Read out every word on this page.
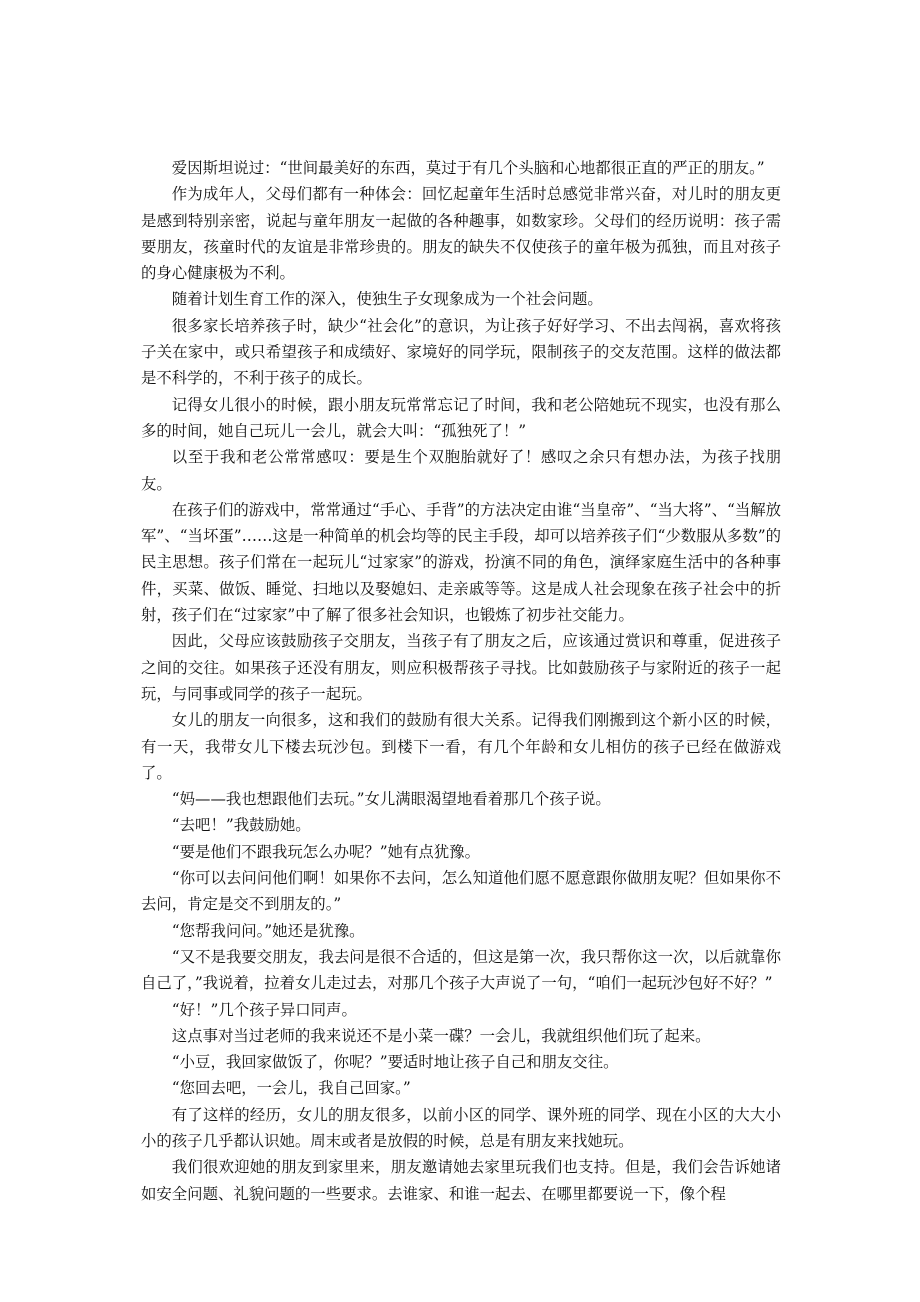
爱因斯坦说过：“世间最美好的东西，莫过于有几个头脑和心地都很正直的严正的朋友。”

作为成年人，父母们都有一种体会：回忆起童年生活时总感觉非常兴奋，对儿时的朋友更是感到特别亲密，说起与童年朋友一起做的各种趣事，如数家珍。父母们的经历说明：孩子需要朋友，孩童时代的友谊是非常珍贵的。朋友的缺失不仅使孩子的童年极为孤独，而且对孩子的身心健康极为不利。

随着计划生育工作的深入，使独生子女现象成为一个社会问题。

很多家长培养孩子时，缺少“社会化”的意识，为让孩子好好学习、不出去闯祸，喜欢将孩子关在家中，或只希望孩子和成绩好、家境好的同学玩，限制孩子的交友范围。这样的做法都是不科学的，不利于孩子的成长。

记得女儿很小的时候，跟小朋友玩常常忘记了时间，我和老公陪她玩不现实，也没有那么多的时间，她自己玩儿一会儿，就会大叫：“孤独死了！”

以至于我和老公常常感叹：要是生个双胞胎就好了！感叹之余只有想办法，为孩子找朋友。

在孩子们的游戏中，常常通过“手心、手背”的方法决定由谁“当皇帝”、“当大将”、“当解放军”、“当坏蛋”……这是一种简单的机会均等的民主手段，却可以培养孩子们“少数服从多数”的民主思想。孩子们常在一起玩儿“过家家”的游戏，扮演不同的角色，演绎家庭生活中的各种事件，买菜、做饭、睡觉、扫地以及娶媳妇、走亲戚等等。这是成人社会现象在孩子社会中的折射，孩子们在“过家家”中了解了很多社会知识，也锻炼了初步社交能力。

因此，父母应该鼓励孩子交朋友，当孩子有了朋友之后，应该通过赏识和尊重，促进孩子之间的交往。如果孩子还没有朋友，则应积极帮孩子寻找。比如鼓励孩子与家附近的孩子一起玩，与同事或同学的孩子一起玩。

女儿的朋友一向很多，这和我们的鼓励有很大关系。记得我们刚搬到这个新小区的时候，有一天，我带女儿下楼去玩沙包。到楼下一看，有几个年龄和女儿相仿的孩子已经在做游戏了。

“妈——我也想跟他们去玩。”女儿满眼渴望地看着那几个孩子说。

“去吧！”我鼓励她。

“要是他们不跟我玩怎么办呢？”她有点犹豫。

“你可以去问问他们啊！如果你不去问，怎么知道他们愿不愿意跟你做朋友呢？但如果你不去问，肯定是交不到朋友的。”

“您帮我问问。”她还是犹豫。

“又不是我要交朋友，我去问是很不合适的，但这是第一次，我只帮你这一次，以后就靠你自己了，”我说着，拉着女儿走过去，对那几个孩子大声说了一句，“咱们一起玩沙包好不好？”

“好！”几个孩子异口同声。

这点事对当过老师的我来说还不是小菜一碟？一会儿，我就组织他们玩了起来。

“小豆，我回家做饭了，你呢？”要适时地让孩子自己和朋友交往。

“您回去吧，一会儿，我自己回家。”

有了这样的经历，女儿的朋友很多，以前小区的同学、课外班的同学、现在小区的大大小小的孩子几乎都认识她。周末或者是放假的时候，总是有朋友来找她玩。

我们很欢迎她的朋友到家里来，朋友邀请她去家里玩我们也支持。但是，我们会告诉她诸如安全问题、礼貌问题的一些要求。去谁家、和谁一起去、在哪里都要说一下，像个程
